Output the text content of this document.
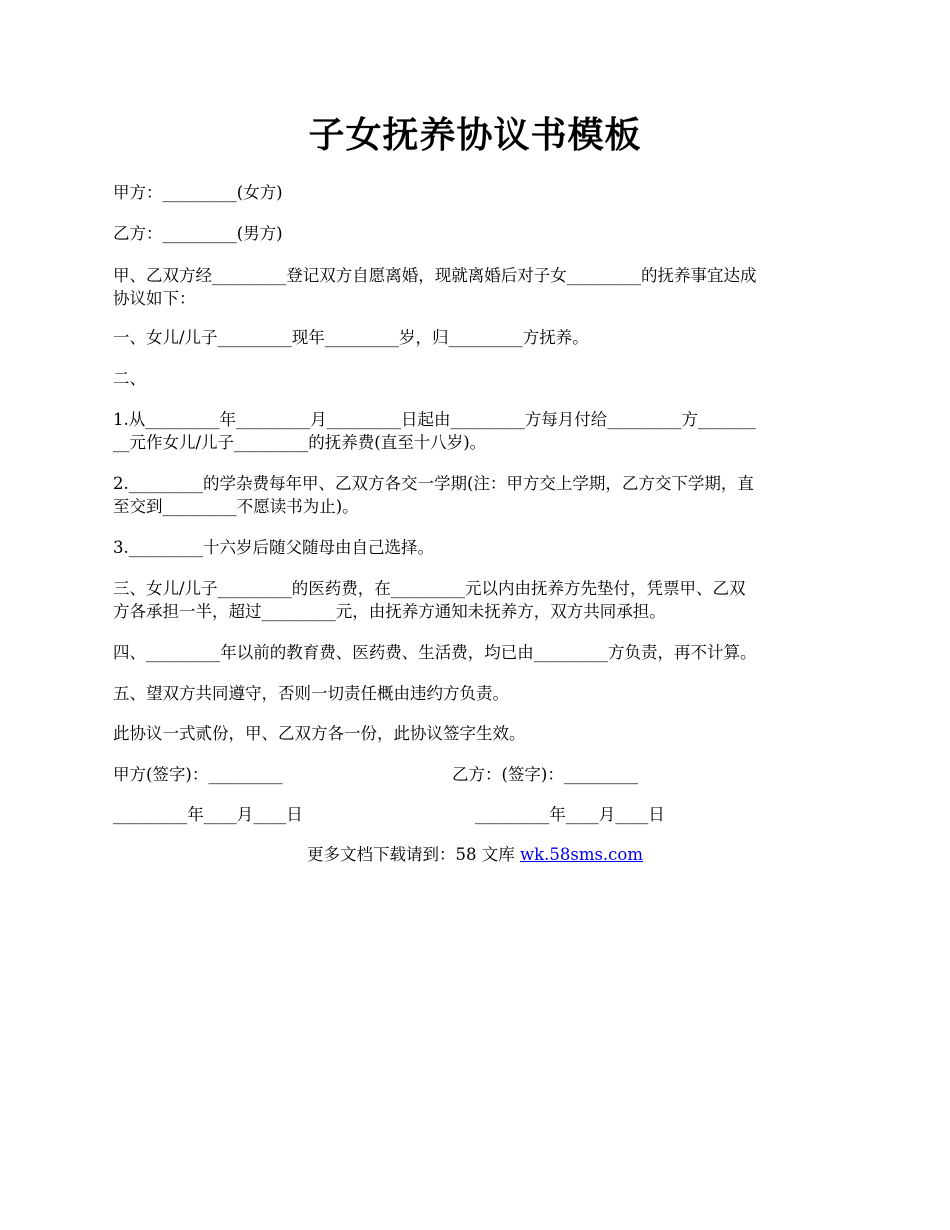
子女抚养协议书模板

甲方：_________(女方)

乙方：_________(男方)

甲、乙双方经_________登记双方自愿离婚，现就离婚后对子女_________的抚养事宜达成

协议如下：

一、女儿/儿子_________现年_________岁，归_________方抚养。

二、

1.从_________年_________月_________日起由_________方每月付给_________方_______

__元作女儿/儿子_________的抚养费(直至十八岁)。

2._________的学杂费每年甲、乙双方各交一学期(注：甲方交上学期，乙方交下学期，直

至交到_________不愿读书为止)。

3._________十六岁后随父随母由自己选择。

三、女儿/儿子_________的医药费，在_________元以内由抚养方先垫付，凭票甲、乙双

方各承担一半，超过_________元，由抚养方通知未抚养方，双方共同承担。

四、_________年以前的教育费、医药费、生活费，均已由_________方负责，再不计算。

五、望双方共同遵守，否则一切责任概由违约方负责。

此协议一式贰份，甲、乙双方各一份，此协议签字生效。

甲方(签字)：_________	乙方：(签字)：_________
_________年____月____日	_________年____月____日
更多文档下载请到：58 文库 wk.58sms.com
